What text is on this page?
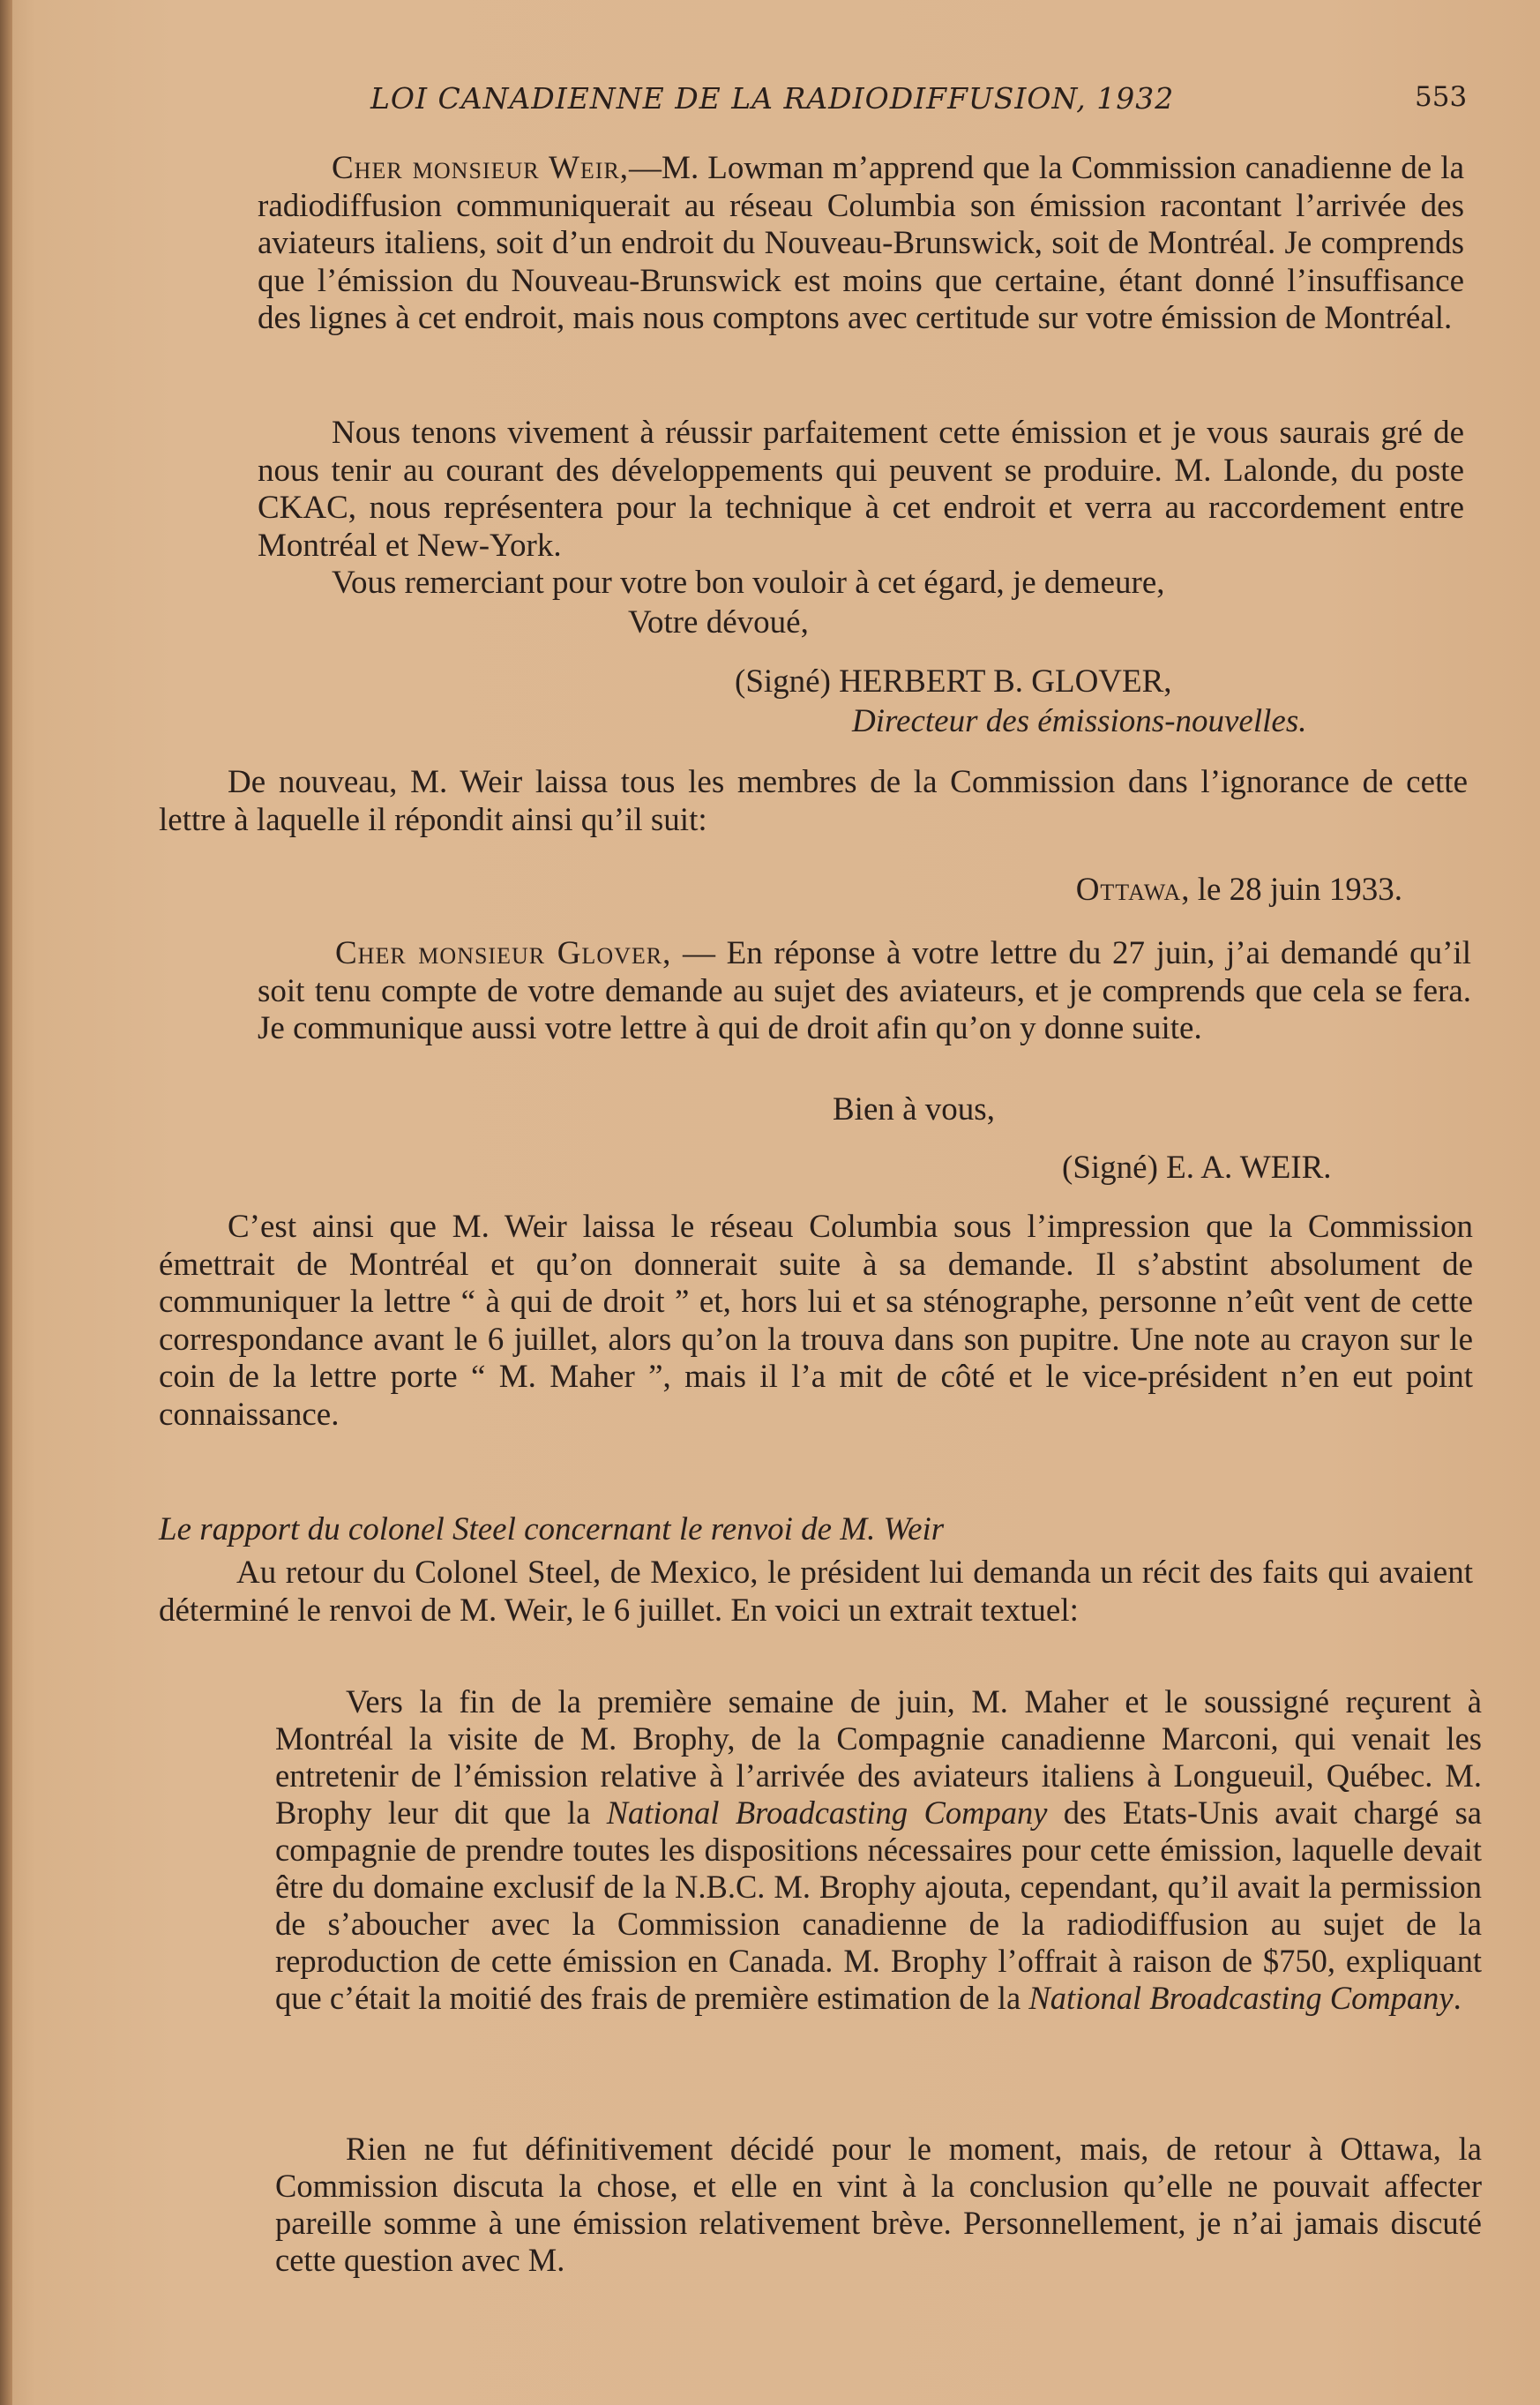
LOI CANADIENNE DE LA RADIODIFFUSION, 1932	553

Cher monsieur Weir,—M. Lowman m’apprend que la Commission canadienne de la radiodiffusion communiquerait au réseau Columbia son émission racontant l’arrivée des aviateurs italiens, soit d’un endroit du Nouveau-Brunswick, soit de Montréal. Je comprends que l’émission du Nouveau-Brunswick est moins que certaine, étant donné l’insuffisance des lignes à cet endroit, mais nous comptons avec certitude sur votre émission de Montréal.

Nous tenons vivement à réussir parfaitement cette émission et je vous saurais gré de nous tenir au courant des développements qui peuvent se produire. M. Lalonde, du poste CKAC, nous représentera pour la technique à cet endroit et verra au raccordement entre Montréal et New-York.

Vous remerciant pour votre bon vouloir à cet égard, je demeure,

Votre dévoué,

(Signé) HERBERT B. GLOVER,

Directeur des émissions-nouvelles.

De nouveau, M. Weir laissa tous les membres de la Commission dans l’ignorance de cette lettre à laquelle il répondit ainsi qu’il suit:

Ottawa, le 28 juin 1933.

Cher monsieur Glover, — En réponse à votre lettre du 27 juin, j’ai demandé qu’il soit tenu compte de votre demande au sujet des aviateurs, et je comprends que cela se fera. Je communique aussi votre lettre à qui de droit afin qu’on y donne suite.

Bien à vous,

(Signé) E. A. WEIR.

C’est ainsi que M. Weir laissa le réseau Columbia sous l’impression que la Commission émettrait de Montréal et qu’on donnerait suite à sa demande. Il s’abstint absolument de communiquer la lettre “ à qui de droit ” et, hors lui et sa sténographe, personne n’eût vent de cette correspondance avant le 6 juillet, alors qu’on la trouva dans son pupitre. Une note au crayon sur le coin de la lettre porte “ M. Maher ”, mais il l’a mit de côté et le vice-président n’en eut point connaissance.

Le rapport du colonel Steel concernant le renvoi de M. Weir

Au retour du Colonel Steel, de Mexico, le président lui demanda un récit des faits qui avaient déterminé le renvoi de M. Weir, le 6 juillet. En voici un extrait textuel:

Vers la fin de la première semaine de juin, M. Maher et le soussigné reçurent à Montréal la visite de M. Brophy, de la Compagnie canadienne Marconi, qui venait les entretenir de l’émission relative à l’arrivée des aviateurs italiens à Longueuil, Québec. M. Brophy leur dit que la National Broadcasting Company des Etats-Unis avait chargé sa compagnie de prendre toutes les dispositions nécessaires pour cette émission, laquelle devait être du domaine exclusif de la N.B.C. M. Brophy ajouta, cependant, qu’il avait la permission de s’aboucher avec la Commission canadienne de la radiodiffusion au sujet de la reproduction de cette émission en Canada. M. Brophy l’offrait à raison de $750, expliquant que c’était la moitié des frais de première estimation de la National Broadcasting Company.

Rien ne fut définitivement décidé pour le moment, mais, de retour à Ottawa, la Commission discuta la chose, et elle en vint à la conclusion qu’elle ne pouvait affecter pareille somme à une émission relativement brève. Personnellement, je n’ai jamais discuté cette question avec M.
